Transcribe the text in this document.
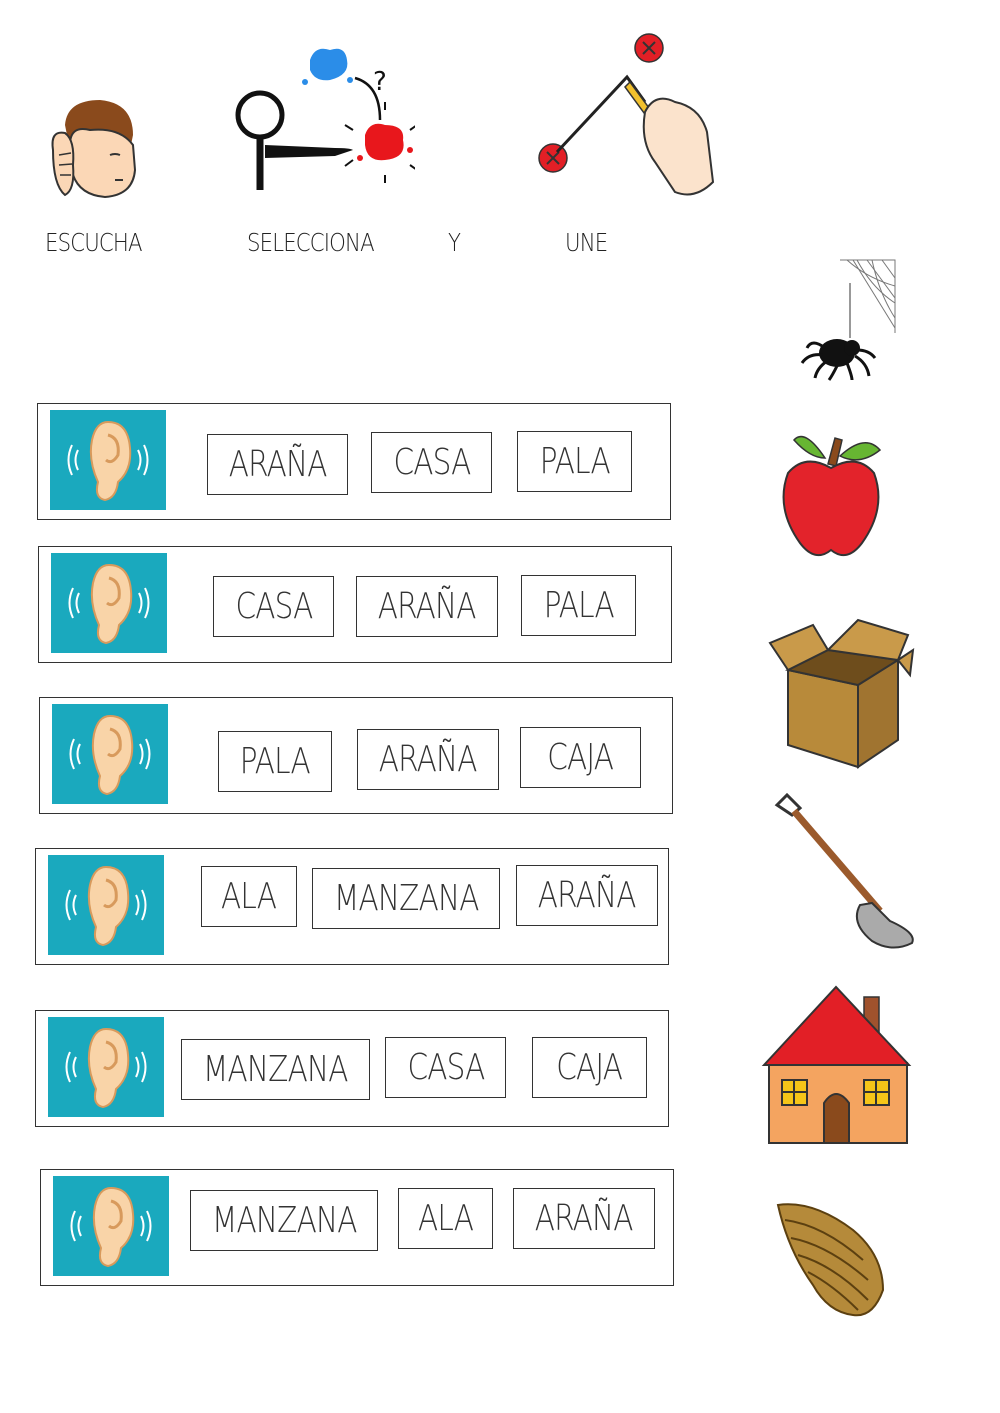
?
ESCUCHA	SELECCIONA	Y	UNE
ARAÑA CASA PALA
CASA ARAÑA PALA
PALA ARAÑA CAJA
ALA MANZANA ARAÑA
MANZANA CASA CAJA
MANZANA ALA ARAÑA
